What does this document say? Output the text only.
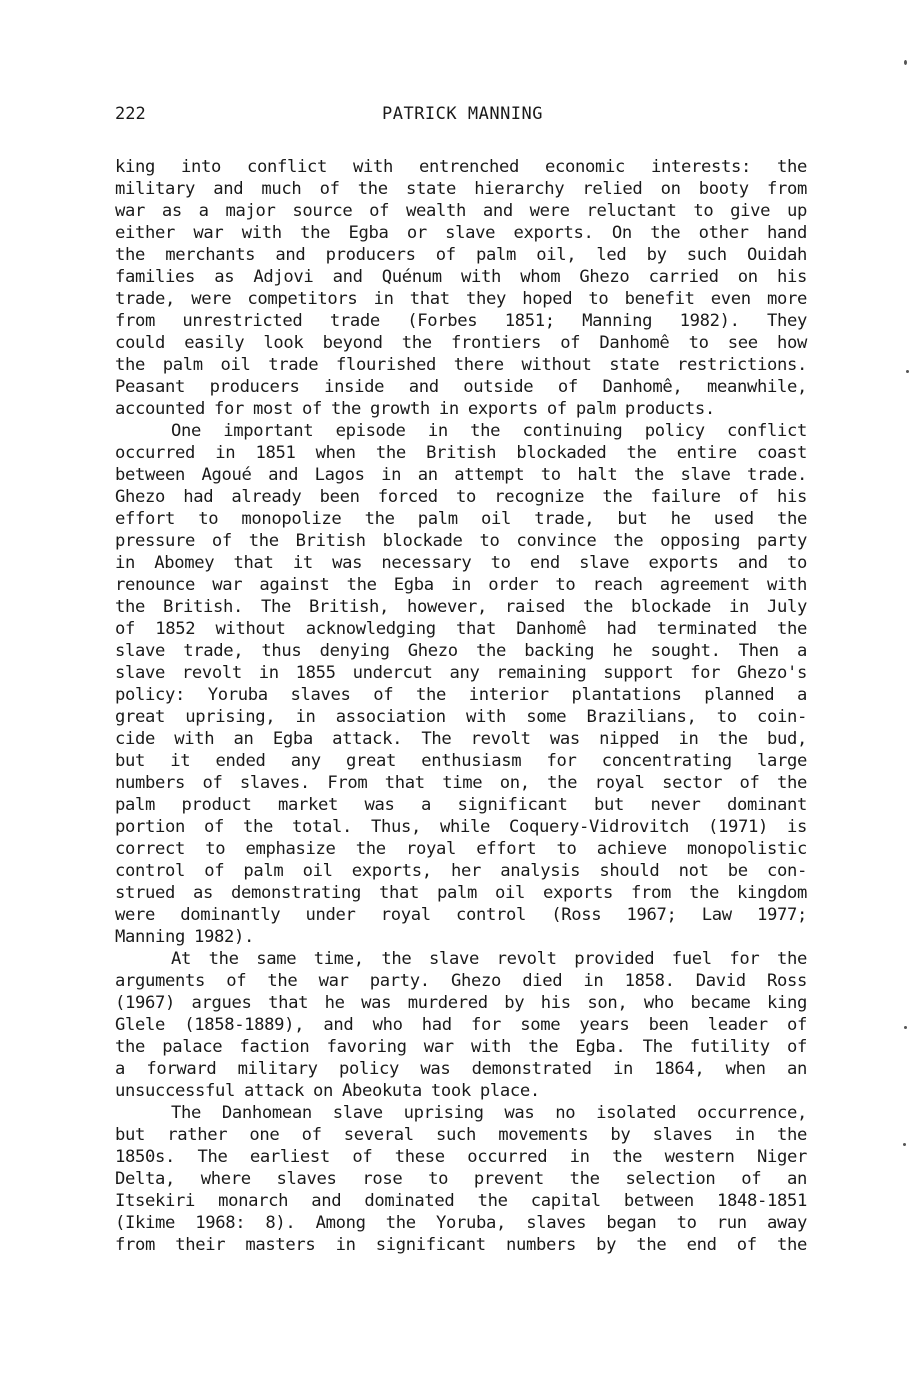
222	PATRICK MANNING
king into conflict with entrenched economic interests: the
military and much of the state hierarchy relied on booty from
war as a major source of wealth and were reluctant to give up
either war with the Egba or slave exports. On the other hand
the merchants and producers of palm oil, led by such Ouidah
families as Adjovi and Quénum with whom Ghezo carried on his
trade, were competitors in that they hoped to benefit even more
from unrestricted trade (Forbes 1851; Manning 1982). They
could easily look beyond the frontiers of Danhomê to see how
the palm oil trade flourished there without state restrictions.
Peasant producers inside and outside of Danhomê, meanwhile,
accounted for most of the growth in exports of palm products.
One important episode in the continuing policy conflict
occurred in 1851 when the British blockaded the entire coast
between Agoué and Lagos in an attempt to halt the slave trade.
Ghezo had already been forced to recognize the failure of his
effort to monopolize the palm oil trade, but he used the
pressure of the British blockade to convince the opposing party
in Abomey that it was necessary to end slave exports and to
renounce war against the Egba in order to reach agreement with
the British. The British, however, raised the blockade in July
of 1852 without acknowledging that Danhomê had terminated the
slave trade, thus denying Ghezo the backing he sought. Then a
slave revolt in 1855 undercut any remaining support for Ghezo's
policy: Yoruba slaves of the interior plantations planned a
great uprising, in association with some Brazilians, to coin-
cide with an Egba attack. The revolt was nipped in the bud,
but it ended any great enthusiasm for concentrating large
numbers of slaves. From that time on, the royal sector of the
palm product market was a significant but never dominant
portion of the total. Thus, while Coquery-Vidrovitch (1971) is
correct to emphasize the royal effort to achieve monopolistic
control of palm oil exports, her analysis should not be con-
strued as demonstrating that palm oil exports from the kingdom
were dominantly under royal control (Ross 1967; Law 1977;
Manning 1982).
At the same time, the slave revolt provided fuel for the
arguments of the war party. Ghezo died in 1858. David Ross
(1967) argues that he was murdered by his son, who became king
Glele (1858-1889), and who had for some years been leader of
the palace faction favoring war with the Egba. The futility of
a forward military policy was demonstrated in 1864, when an
unsuccessful attack on Abeokuta took place.
The Danhomean slave uprising was no isolated occurrence,
but rather one of several such movements by slaves in the
1850s. The earliest of these occurred in the western Niger
Delta, where slaves rose to prevent the selection of an
Itsekiri monarch and dominated the capital between 1848-1851
(Ikime 1968: 8). Among the Yoruba, slaves began to run away
from their masters in significant numbers by the end of the
